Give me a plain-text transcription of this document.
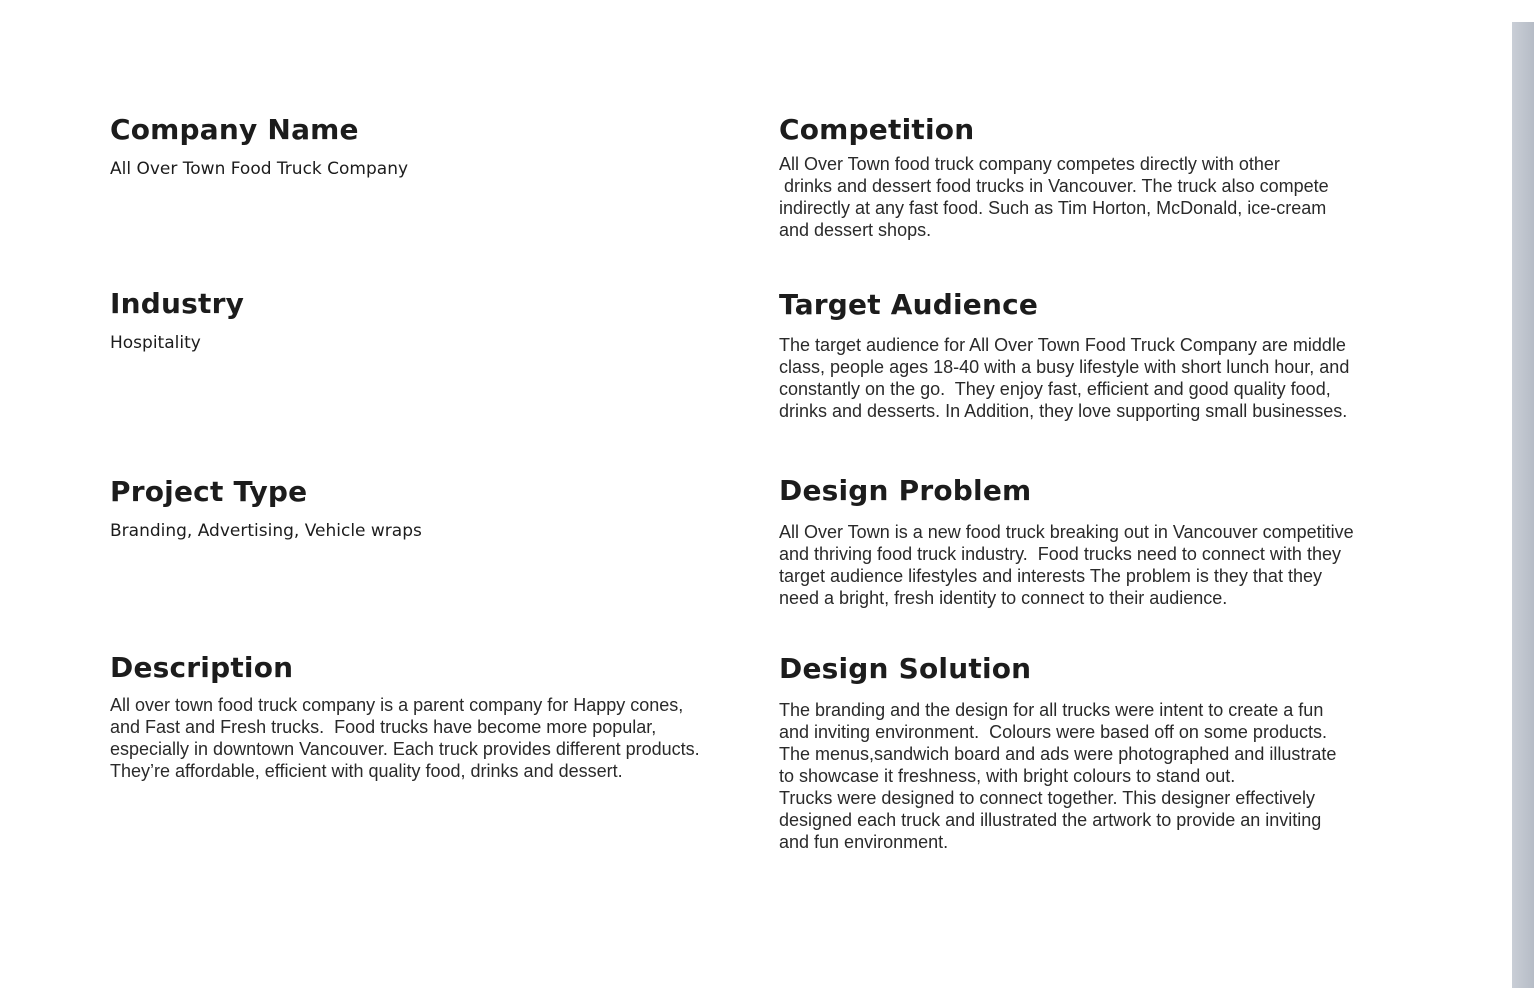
Company Name

All Over Town Food Truck Company

Industry

Hospitality

Project Type

Branding, Advertising, Vehicle wraps

Description

All over town food truck company is a parent company for Happy cones,
and Fast and Fresh trucks.  Food trucks have become more popular,
especially in downtown Vancouver. Each truck provides different products.
They’re affordable, efficient with quality food, drinks and dessert.

Competition

All Over Town food truck company competes directly with other
drinks and dessert food trucks in Vancouver. The truck also compete
indirectly at any fast food. Such as Tim Horton, McDonald, ice-cream
and dessert shops.

Target Audience

The target audience for All Over Town Food Truck Company are middle
class, people ages 18-40 with a busy lifestyle with short lunch hour, and
constantly on the go.  They enjoy fast, efficient and good quality food,
drinks and desserts. In Addition, they love supporting small businesses.

Design Problem

All Over Town is a new food truck breaking out in Vancouver competitive
and thriving food truck industry.  Food trucks need to connect with they
target audience lifestyles and interests The problem is they that they
need a bright, fresh identity to connect to their audience.

Design Solution

The branding and the design for all trucks were intent to create a fun
and inviting environment.  Colours were based off on some products.
The menus,sandwich board and ads were photographed and illustrate
to showcase it freshness, with bright colours to stand out.
Trucks were designed to connect together. This designer effectively
designed each truck and illustrated the artwork to provide an inviting
and fun environment.
